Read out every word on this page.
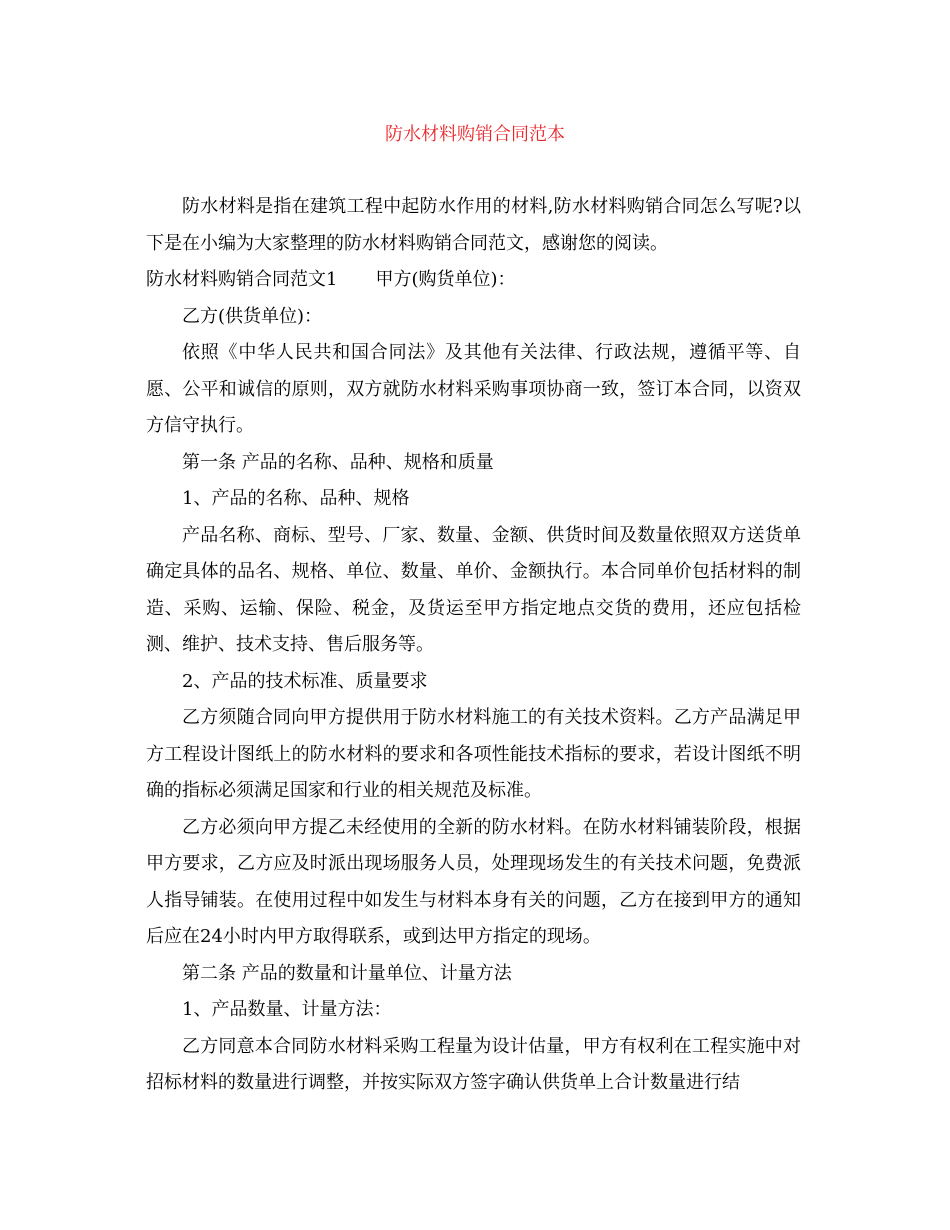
防水材料购销合同范本

防水材料是指在建筑工程中起防水作用的材料,防水材料购销合同怎么写呢?以下是在小编为大家整理的防水材料购销合同范文，感谢您的阅读。

防水材料购销合同范文1 甲方(购货单位)：

乙方(供货单位)：

依照《中华人民共和国合同法》及其他有关法律、行政法规，遵循平等、自愿、公平和诚信的原则，双方就防水材料采购事项协商一致，签订本合同，以资双方信守执行。

第一条 产品的名称、品种、规格和质量

1、产品的名称、品种、规格

产品名称、商标、型号、厂家、数量、金额、供货时间及数量依照双方送货单确定具体的品名、规格、单位、数量、单价、金额执行。本合同单价包括材料的制造、采购、运输、保险、税金，及货运至甲方指定地点交货的费用，还应包括检测、维护、技术支持、售后服务等。

2、产品的技术标准、质量要求

乙方须随合同向甲方提供用于防水材料施工的有关技术资料。乙方产品满足甲方工程设计图纸上的防水材料的要求和各项性能技术指标的要求，若设计图纸不明确的指标必须满足国家和行业的相关规范及标准。

乙方必须向甲方提乙未经使用的全新的防水材料。在防水材料铺装阶段，根据甲方要求，乙方应及时派出现场服务人员，处理现场发生的有关技术问题，免费派人指导铺装。在使用过程中如发生与材料本身有关的问题，乙方在接到甲方的通知后应在24小时内甲方取得联系，或到达甲方指定的现场。

第二条 产品的数量和计量单位、计量方法

1、产品数量、计量方法：

乙方同意本合同防水材料采购工程量为设计估量，甲方有权利在工程实施中对招标材料的数量进行调整，并按实际双方签字确认供货单上合计数量进行结
